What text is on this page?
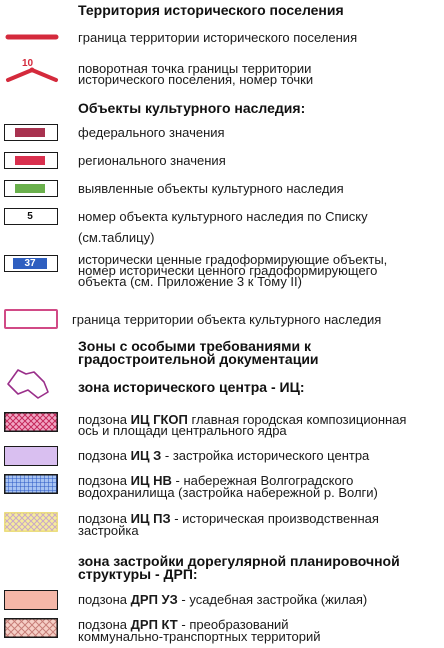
Территория исторического поселения
граница территории исторического поселения
10	поворотная точка границы территории
исторического поселения, номер точки
Объекты культурного наследия:
федерального значения
регионального значения
выявленные объекты культурного наследия
5	номер объекта культурного наследия по Списку
(см.таблицу)
37	исторически ценные градоформирующие объекты,
номер исторически ценного градоформирующего
объекта (см. Приложение 3 к Тому II)
граница территории объекта культурного наследия
Зоны с особыми требованиями к
градостроительной документации
зона исторического центра - ИЦ:
подзона ИЦ ГКОП главная городская композиционная
ось и площади центрального ядра
подзона ИЦ З - застройка исторического центра
подзона ИЦ НВ - набережная Волгоградского
водохранилища (застройка набережной р. Волги)
подзона ИЦ ПЗ - историческая производственная
застройка
зона застройки дорегулярной планировочной
структуры - ДРП:
подзона ДРП УЗ - усадебная застройка (жилая)
подзона ДРП КТ - преобразований
коммунально-транспортных территорий
